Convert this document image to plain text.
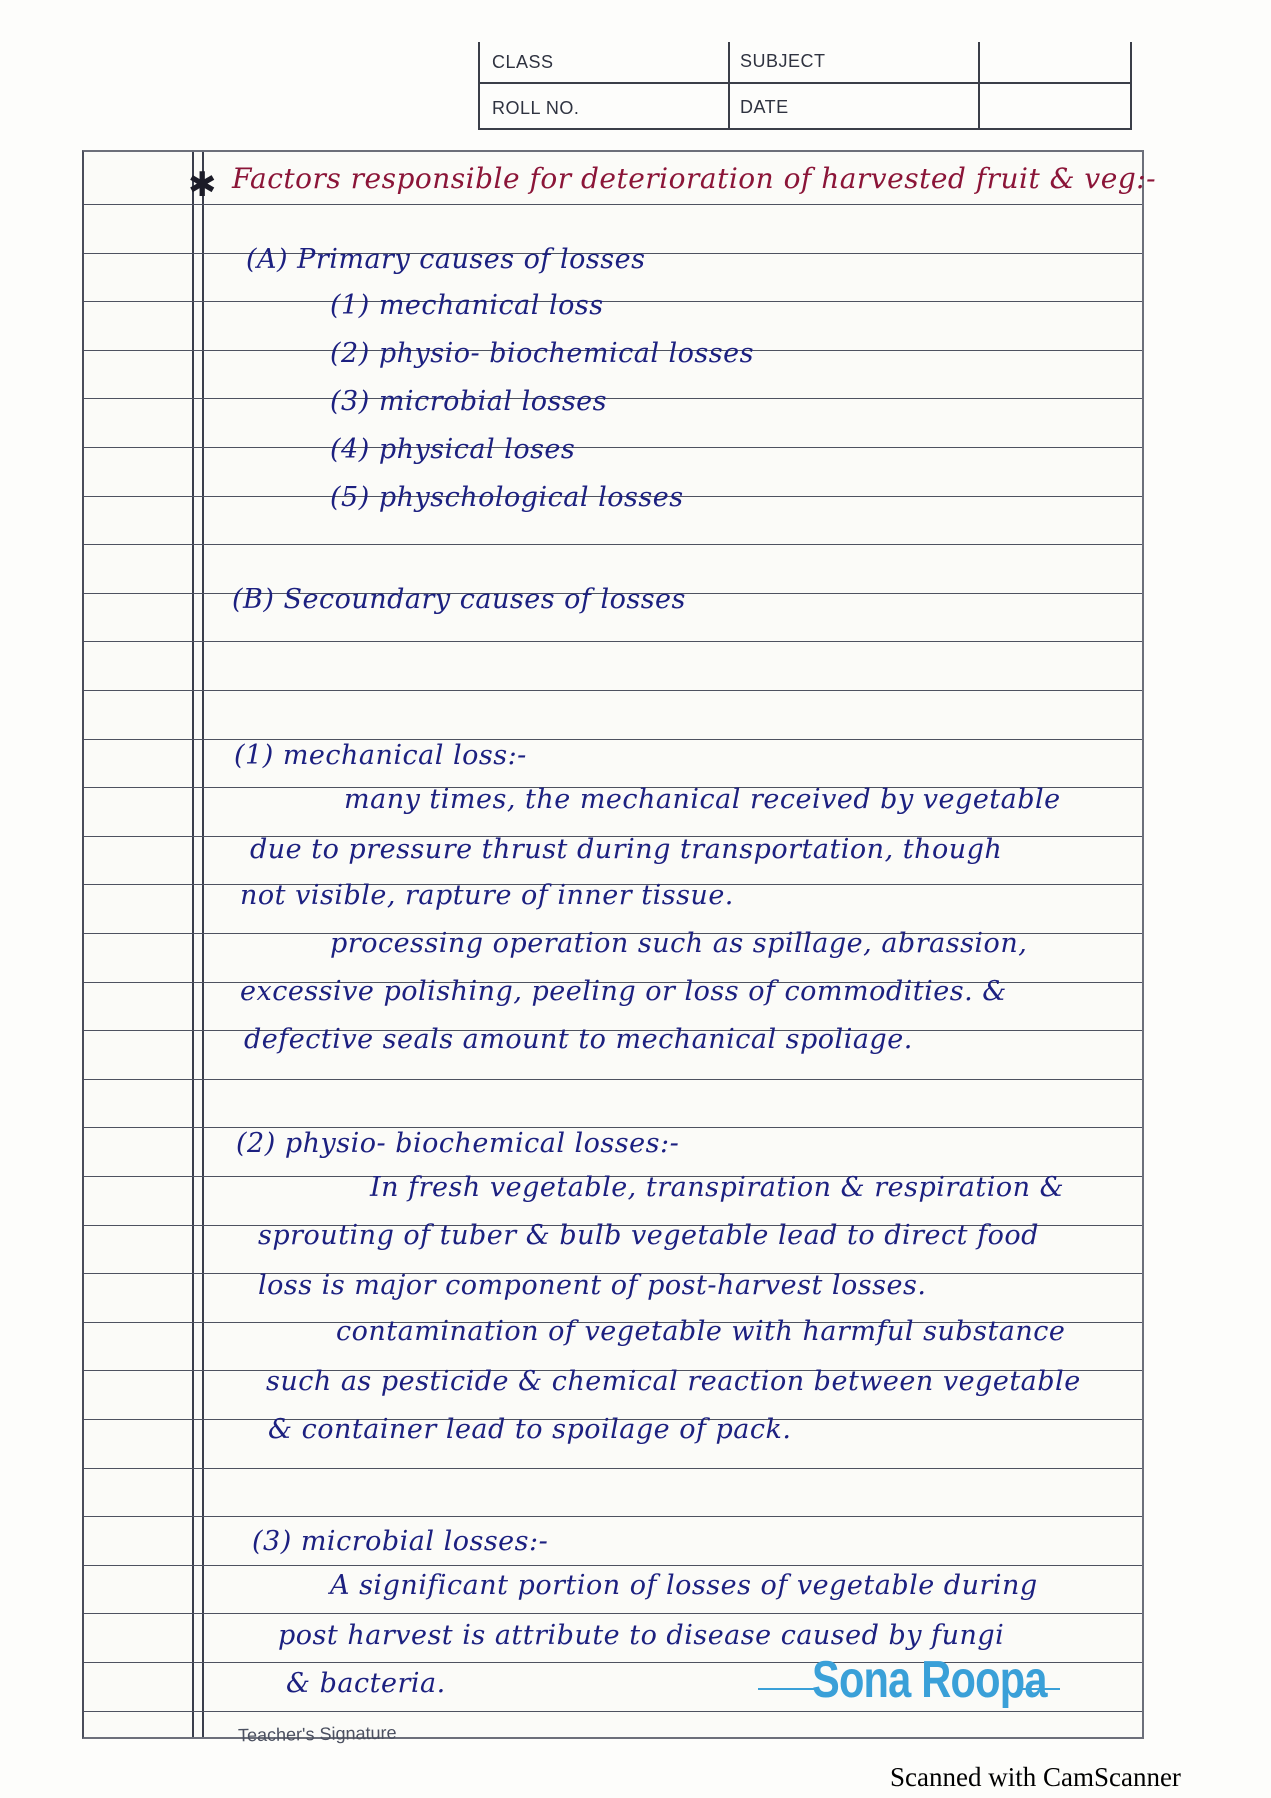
CLASS	SUBJECT
ROLL NO.	DATE
✱ Factors responsible for deterioration of harvested fruit & veg:-
(A) Primary causes of losses
(1) mechanical loss
(2) physio- biochemical losses
(3) microbial losses
(4) physical loses
(5) physchological losses
(B) Secoundary causes of losses
(1) mechanical loss:-
many times, the mechanical received by vegetable
due to pressure thrust during transportation, though
not visible, rapture of inner tissue.
processing operation such as spillage, abrassion,
excessive polishing, peeling or loss of commodities. &
defective seals amount to mechanical spoliage.
(2) physio- biochemical losses:-
In fresh vegetable, transpiration & respiration &
sprouting of tuber & bulb vegetable lead to direct food
loss is major component of post-harvest losses.
contamination of vegetable with harmful substance
such as pesticide & chemical reaction between vegetable
& container lead to spoilage of pack.
(3) microbial losses:-
A significant portion of losses of vegetable during
post harvest is attribute to disease caused by fungi
& bacteria.
Teacher's Signature
Sona Roopa
Scanned with CamScanner
